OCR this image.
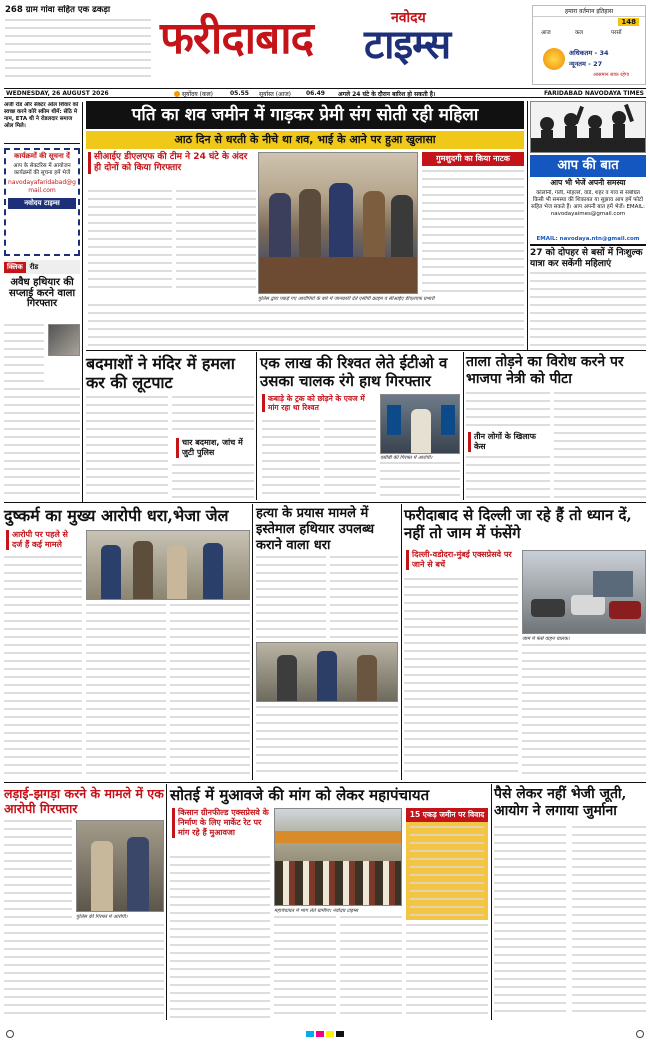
268 ग्राम गांवा सहित एक ढकड़ा
फरीदाबाद	नवोदय
टाइम्स
हमारा वर्तमान इतिहास
148
आज	कल	परसों
अधिकतम - 34
न्यूनतम - 27
आसमान साफ़ रहेगा
WEDNESDAY, 26 AUGUST 2026	सूर्योदय (कल)	05.55 सूर्यास्त (आज) 06.49 अगले 24 घंटे के दौरान बारिश हो सकती है।	FARIDABAD NAVODAYA TIMES
अर्जी रोड और सेक्टर ओल शिवार को स्वच्छ करने कोरे स्कीम थीमें: सेठि मे नाम, ETA थी ने रोडलदार समाज ओल मिले।
कार्यक्रमों की सूचना दें
आप के सेक्टरिस में आयोजन कार्यक्रमों की सूचना हमें भेजें
navodayafaridabad@gmail.com
नवोदय टाइम्स
क्लिक	रीड
अवैध हथियार की सप्लाई करने वाला गिरफ्तार
पति का शव जमीन में गाड़कर प्रेमी संग सोती रही महिला
आठ दिन से धरती के नीचे था शव, भाई के आने पर हुआ खुलासा
सीआईए डीएलएफ की टीम ने 24 घंटे के अंदर ही दोनों को किया गिरफ्तार
गुमशुदगी का किया नाटक
पुलिस द्वारा पकड़े गए आरोपियों के बारे में जानकारी देते एसीपी क्राइम व सीआईए डीएलएफ प्रभारी
आप की बात
आप भी भेजें अपनी समस्या
कॉलोनी, गली, मोहल्ले, वार्ड, शहर व गांव से संबंधित किसी भी समस्या की शिकायत या सुझाव आप हमें फोटो सहित भेज सकते हैं। आप अपनी बात हमें भेजें। EMAIL: navodayaimes@gmail.com
EMAIL: navodaya.ntn@gmail.com
27 को दोपहर से बसों में निःशुल्क यात्रा कर सकेंगी महिलाएं
बदमाशों ने मंदिर में हमला कर की लूटपाट
चार बदमाश, जांच में जुटी पुलिस
एक लाख की रिश्वत लेते ईटीओ व उसका चालक रंगे हाथ गिरफ्तार
कबाड़े के ट्रक को छोड़ने के एवज में मांग रहा था रिश्वत
एसीबी की गिरफ्त में आरोपी।
ताला तोड़ने का विरोध करने पर भाजपा नेत्री को पीटा
तीन लोगों के खिलाफ केस
दुष्कर्म का मुख्य आरोपी धरा,भेजा जेल
आरोपी पर पहले से दर्ज हैं कई मामले
हत्या के प्रयास मामले में इस्तेमाल हथियार उपलब्ध कराने वाला धरा
फरीदाबाद से दिल्ली जा रहे हैं तो ध्यान दें, नहीं तो जाम में फंसेंगे
दिल्ली-वडोदरा-मुंबई एक्सप्रेसवे पर जाने से बचें
जाम में फंसे वाहन चालक।
लड़ाई-झगड़ा करने के मामले में एक आरोपी गिरफ्तार
पुलिस की गिरफ्त में आरोपी।
सोतई में मुआवजे की मांग को लेकर महापंचायत
किसान ग्रीनफील्ड एक्सप्रेसवे के निर्माण के लिए मार्केट रेट पर मांग रहे हैं मुआवजा
महापंचायत में भाग लेते ग्रामीण। नवोदय टाइम्स
15 एकड़ जमीन पर विवाद
पैसे लेकर नहीं भेजी जूती, आयोग ने लगाया जुर्माना
